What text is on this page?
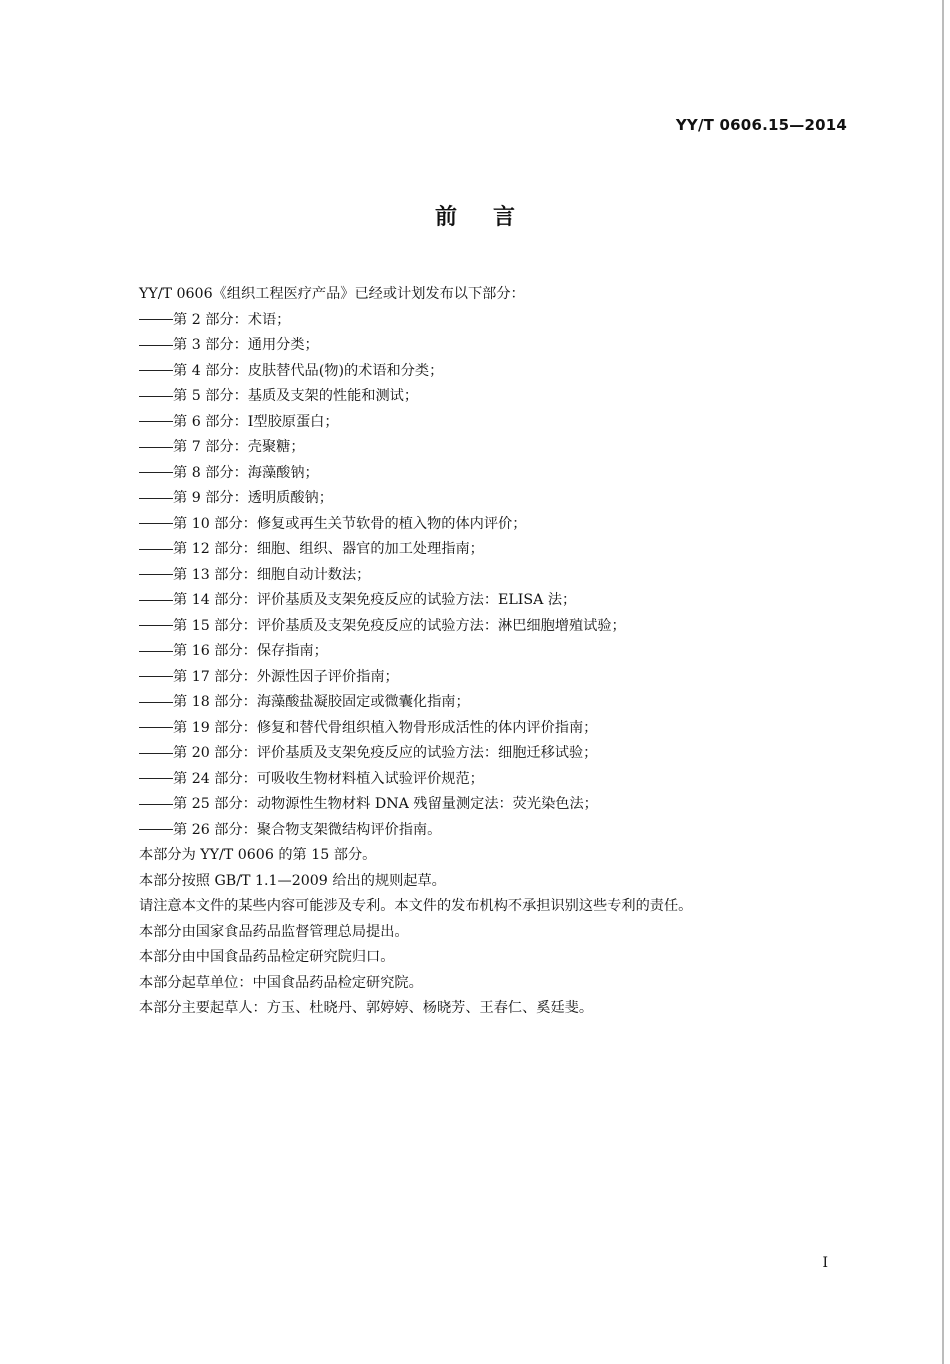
YY/T 0606.15—2014
前言
YY/T 0606《组织工程医疗产品》已经或计划发布以下部分：
第 2 部分：术语；
第 3 部分：通用分类；
第 4 部分：皮肤替代品(物)的术语和分类；
第 5 部分：基质及支架的性能和测试；
第 6 部分：Ⅰ型胶原蛋白；
第 7 部分：壳聚糖；
第 8 部分：海藻酸钠；
第 9 部分：透明质酸钠；
第 10 部分：修复或再生关节软骨的植入物的体内评价；
第 12 部分：细胞、组织、器官的加工处理指南；
第 13 部分：细胞自动计数法；
第 14 部分：评价基质及支架免疫反应的试验方法：ELISA 法；
第 15 部分：评价基质及支架免疫反应的试验方法：淋巴细胞增殖试验；
第 16 部分：保存指南；
第 17 部分：外源性因子评价指南；
第 18 部分：海藻酸盐凝胶固定或微囊化指南；
第 19 部分：修复和替代骨组织植入物骨形成活性的体内评价指南；
第 20 部分：评价基质及支架免疫反应的试验方法：细胞迁移试验；
第 24 部分：可吸收生物材料植入试验评价规范；
第 25 部分：动物源性生物材料 DNA 残留量测定法：荧光染色法；
第 26 部分：聚合物支架微结构评价指南。
本部分为 YY/T 0606 的第 15 部分。
本部分按照 GB/T 1.1—2009 给出的规则起草。
请注意本文件的某些内容可能涉及专利。本文件的发布机构不承担识别这些专利的责任。
本部分由国家食品药品监督管理总局提出。
本部分由中国食品药品检定研究院归口。
本部分起草单位：中国食品药品检定研究院。
本部分主要起草人：方玉、杜晓丹、郭婷婷、杨晓芳、王春仁、奚廷斐。
I
